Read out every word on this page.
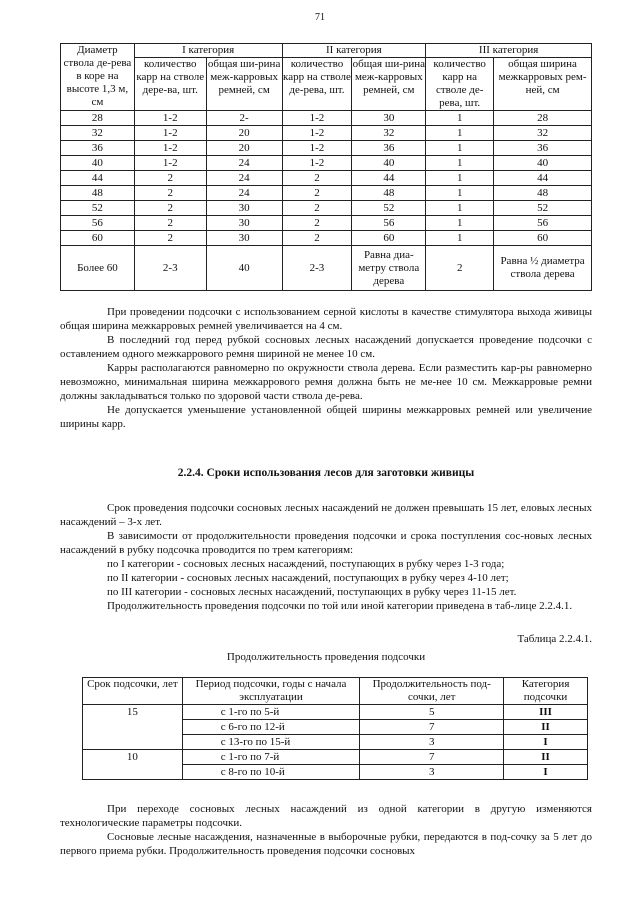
71
Диаметр ствола де-рева в коре на высоте 1,3 м, см	I категория		II категория		III категория	
	количество карр на стволе дере-ва, шт.	общая ши-рина меж-карровых ремней, см	количество карр на стволе де-рева, шт.	общая ши-рина меж-карровых ремней, см	количество карр на стволе де-рева, шт.	общая ширина межкарровых рем-ней, см
28	1-2	2-	1-2	30	1	28
32	1-2	20	1-2	32	1	32
36	1-2	20	1-2	36	1	36
40	1-2	24	1-2	40	1	40
44	2	24	2	44	1	44
48	2	24	2	48	1	48
52	2	30	2	52	1	52
56	2	30	2	56	1	56
60	2	30	2	60	1	60
Более 60	2-3	40	2-3	Равна диа-метру ствола дерева	2	Равна ½ диаметра ствола дерева

При проведении подсочки с использованием серной кислоты в качестве стимулятора выхода живицы общая ширина межкарровых ремней увеличивается на 4 см.

В последний год перед рубкой сосновых лесных насаждений допускается проведение подсочки с оставлением одного межкаррового ремня шириной не менее 10 см.

Карры располагаются равномерно по окружности ствола дерева. Если разместить кар-ры равномерно невозможно, минимальная ширина межкаррового ремня должна быть не ме-нее 10 см. Межкарровые ремни должны закладываться только по здоровой части ствола де-рева.

Не допускается уменьшение установленной общей ширины межкарровых ремней или увеличение ширины карр.

2.2.4. Сроки использования лесов для заготовки живицы

Срок проведения подсочки сосновых лесных насаждений не должен превышать 15 лет, еловых лесных насаждений – 3-х лет.

В зависимости от продолжительности проведения подсочки и срока поступления сос-новых лесных насаждений в рубку подсочка проводится по трем категориям:

по I категории - сосновых лесных насаждений, поступающих в рубку через 1-3 года;

по II категории - сосновых лесных насаждений, поступающих в рубку через 4-10 лет;

по III категории - сосновых лесных насаждений, поступающих в рубку через 11-15 лет.

Продолжительность проведения подсочки по той или иной категории приведена в таб-лице 2.2.4.1.

Таблица 2.2.4.1.
Продолжительность проведения подсочки
Срок подсочки, лет	Период подсочки, годы с начала эксплуатации	Продолжительность под-сочки, лет	Категория подсочки
15	с 1-го по 5-й	5	III
	с 6-го по 12-й	7	II
	с 13-го по 15-й	3	I
10	с 1-го по 7-й	7	II
	с 8-го по 10-й	3	I

При переходе сосновых лесных насаждений из одной категории в другую изменяются технологические параметры подсочки.

Сосновые лесные насаждения, назначенные в выборочные рубки, передаются в под-сочку за 5 лет до первого приема рубки. Продолжительность проведения подсочки сосновых
